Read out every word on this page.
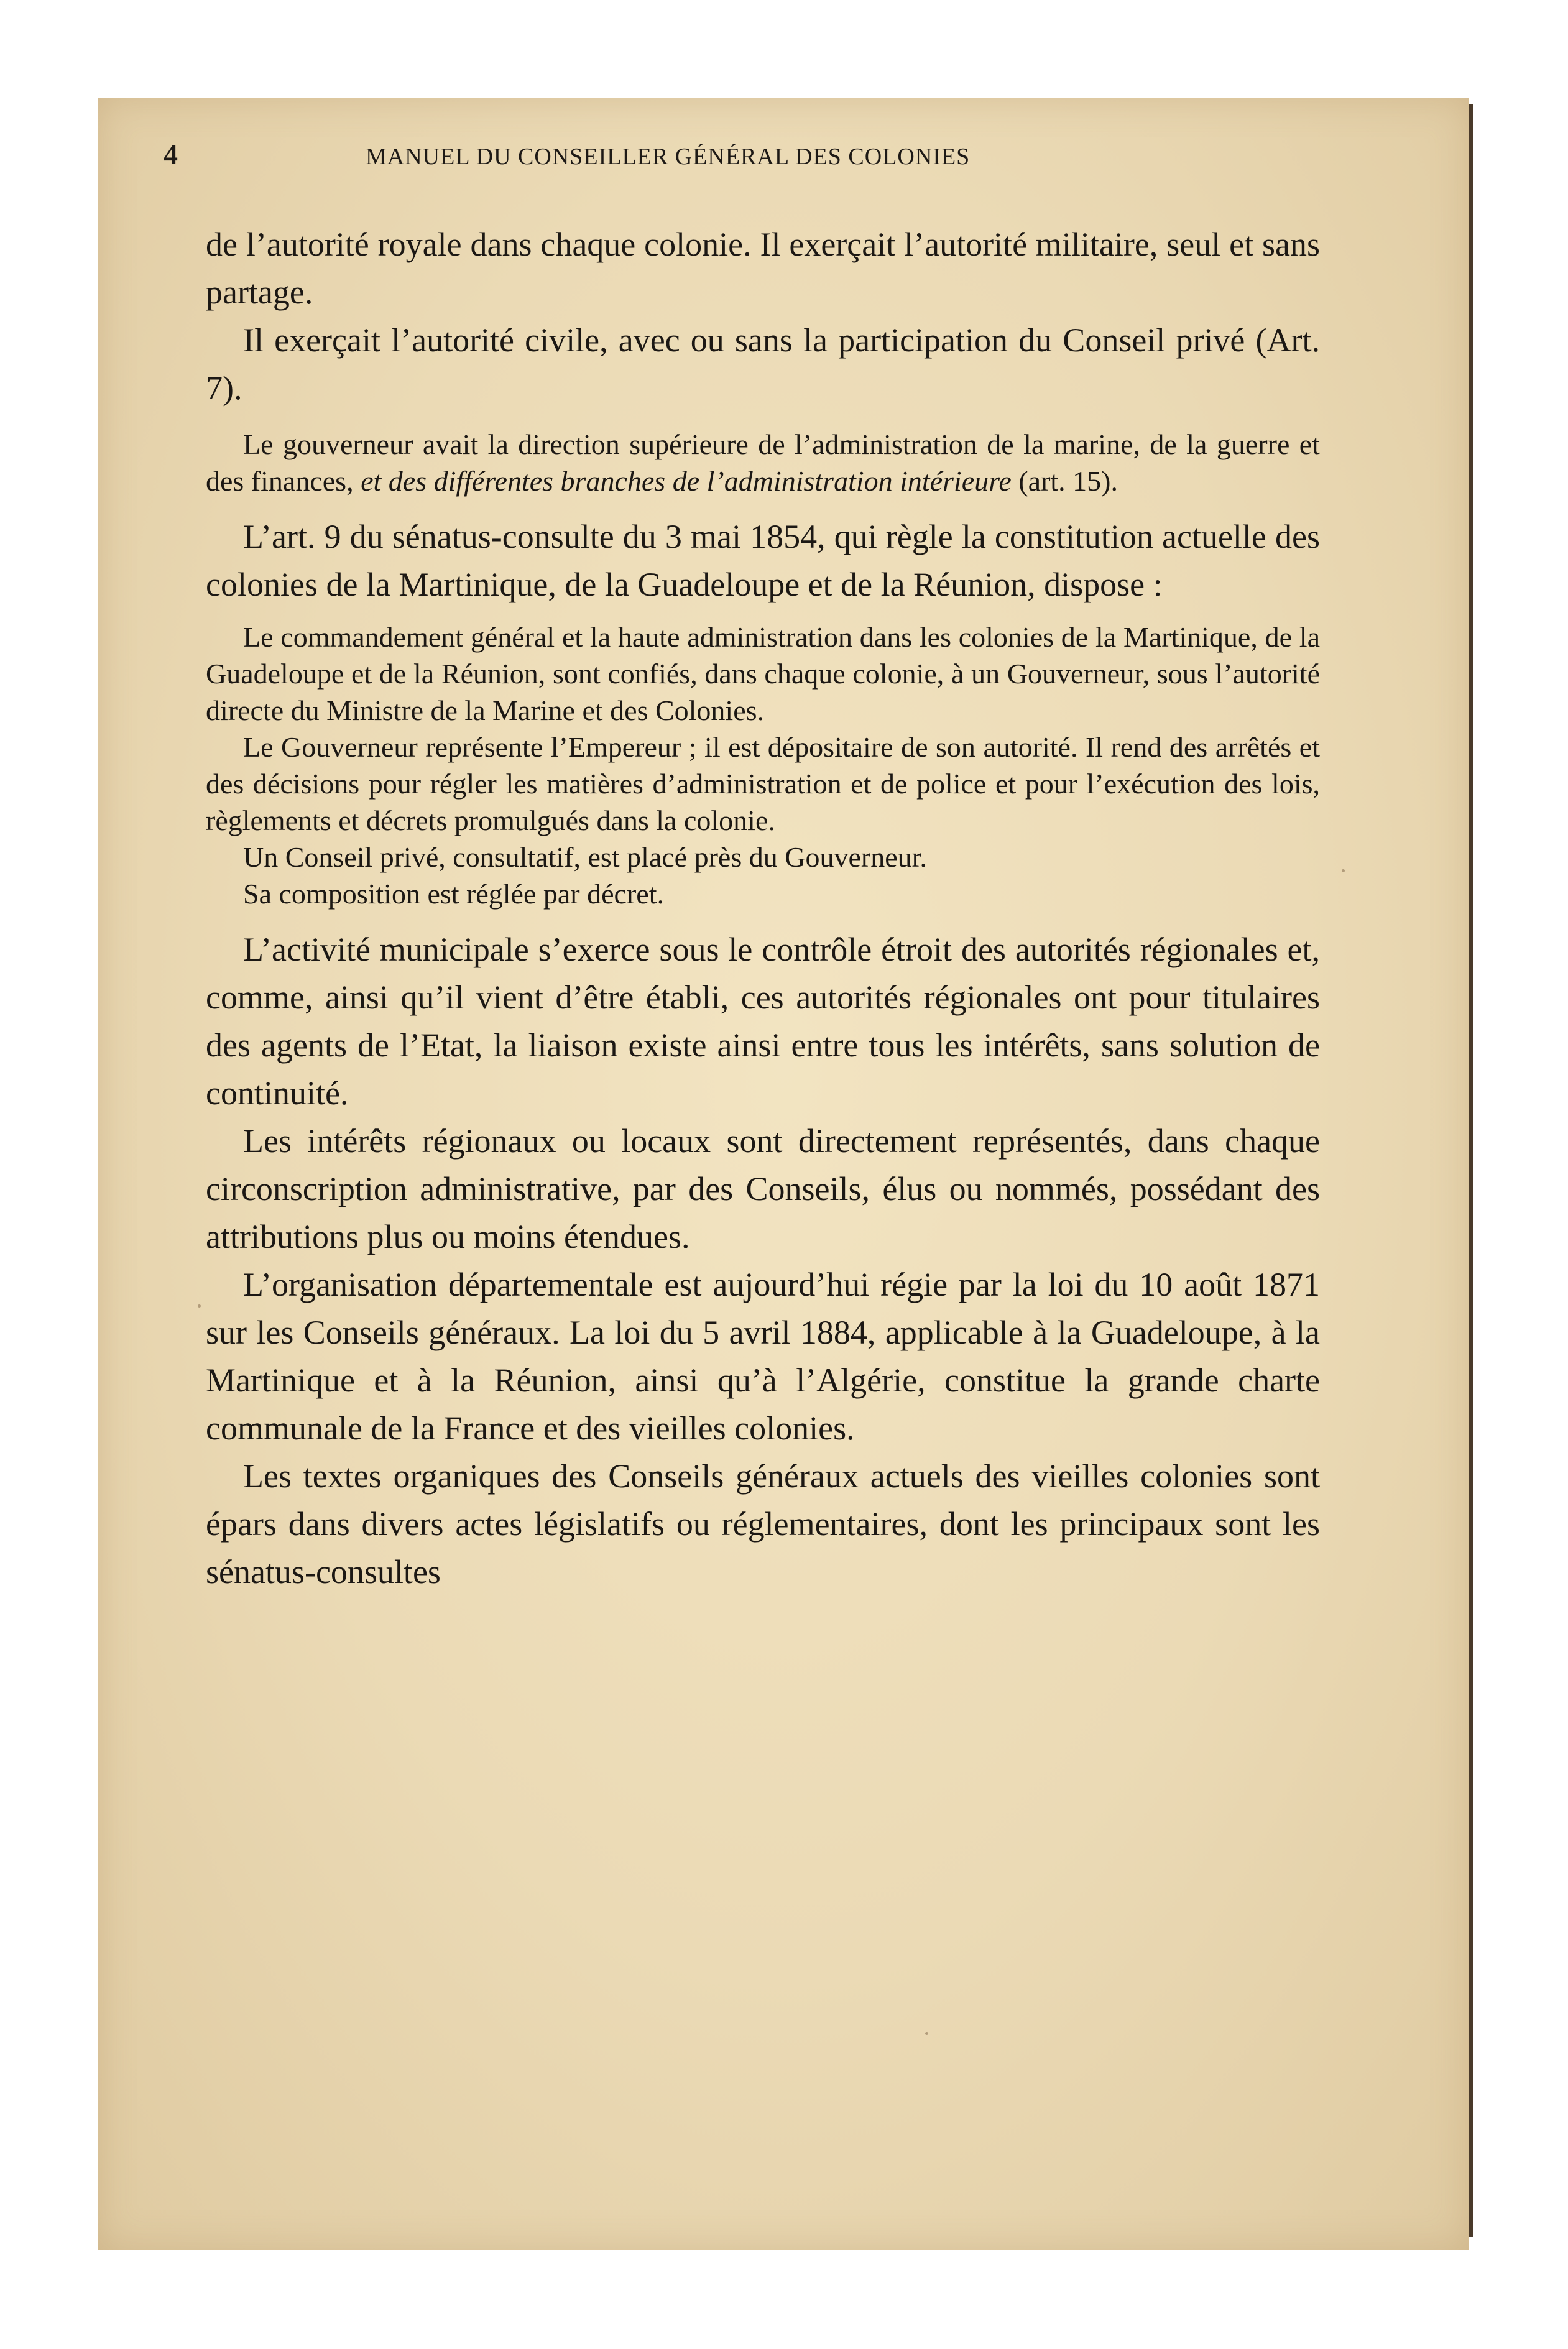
4	MANUEL DU CONSEILLER GÉNÉRAL DES COLONIES

de l’autorité royale dans chaque colonie. Il exerçait l’autorité militaire, seul et sans partage.

Il exerçait l’autorité civile, avec ou sans la participation du Conseil privé (Art. 7).

Le gouverneur avait la direction supérieure de l’administration de la marine, de la guerre et des finances, et des différentes branches de l’administration intérieure (art. 15).

L’art. 9 du sénatus-consulte du 3 mai 1854, qui règle la constitution actuelle des colonies de la Martinique, de la Guadeloupe et de la Réunion, dispose :

Le commandement général et la haute administration dans les colonies de la Martinique, de la Guadeloupe et de la Réunion, sont confiés, dans chaque colonie, à un Gouverneur, sous l’autorité directe du Ministre de la Marine et des Colonies.

Le Gouverneur représente l’Empereur ; il est dépositaire de son autorité. Il rend des arrêtés et des décisions pour régler les matières d’administration et de police et pour l’exécution des lois, règlements et décrets promulgués dans la colonie.

Un Conseil privé, consultatif, est placé près du Gouverneur.

Sa composition est réglée par décret.

L’activité municipale s’exerce sous le contrôle étroit des autorités régionales et, comme, ainsi qu’il vient d’être établi, ces autorités régionales ont pour titulaires des agents de l’Etat, la liaison existe ainsi entre tous les intérêts, sans solution de continuité.

Les intérêts régionaux ou locaux sont directement représentés, dans chaque circonscription administrative, par des Conseils, élus ou nommés, possédant des attributions plus ou moins étendues.

L’organisation départementale est aujourd’hui régie par la loi du 10 août 1871 sur les Conseils généraux. La loi du 5 avril 1884, applicable à la Guadeloupe, à la Martinique et à la Réunion, ainsi qu’à l’Algérie, constitue la grande charte communale de la France et des vieilles colonies.

Les textes organiques des Conseils généraux actuels des vieilles colonies sont épars dans divers actes législatifs ou réglementaires, dont les principaux sont les sénatus-consultes
